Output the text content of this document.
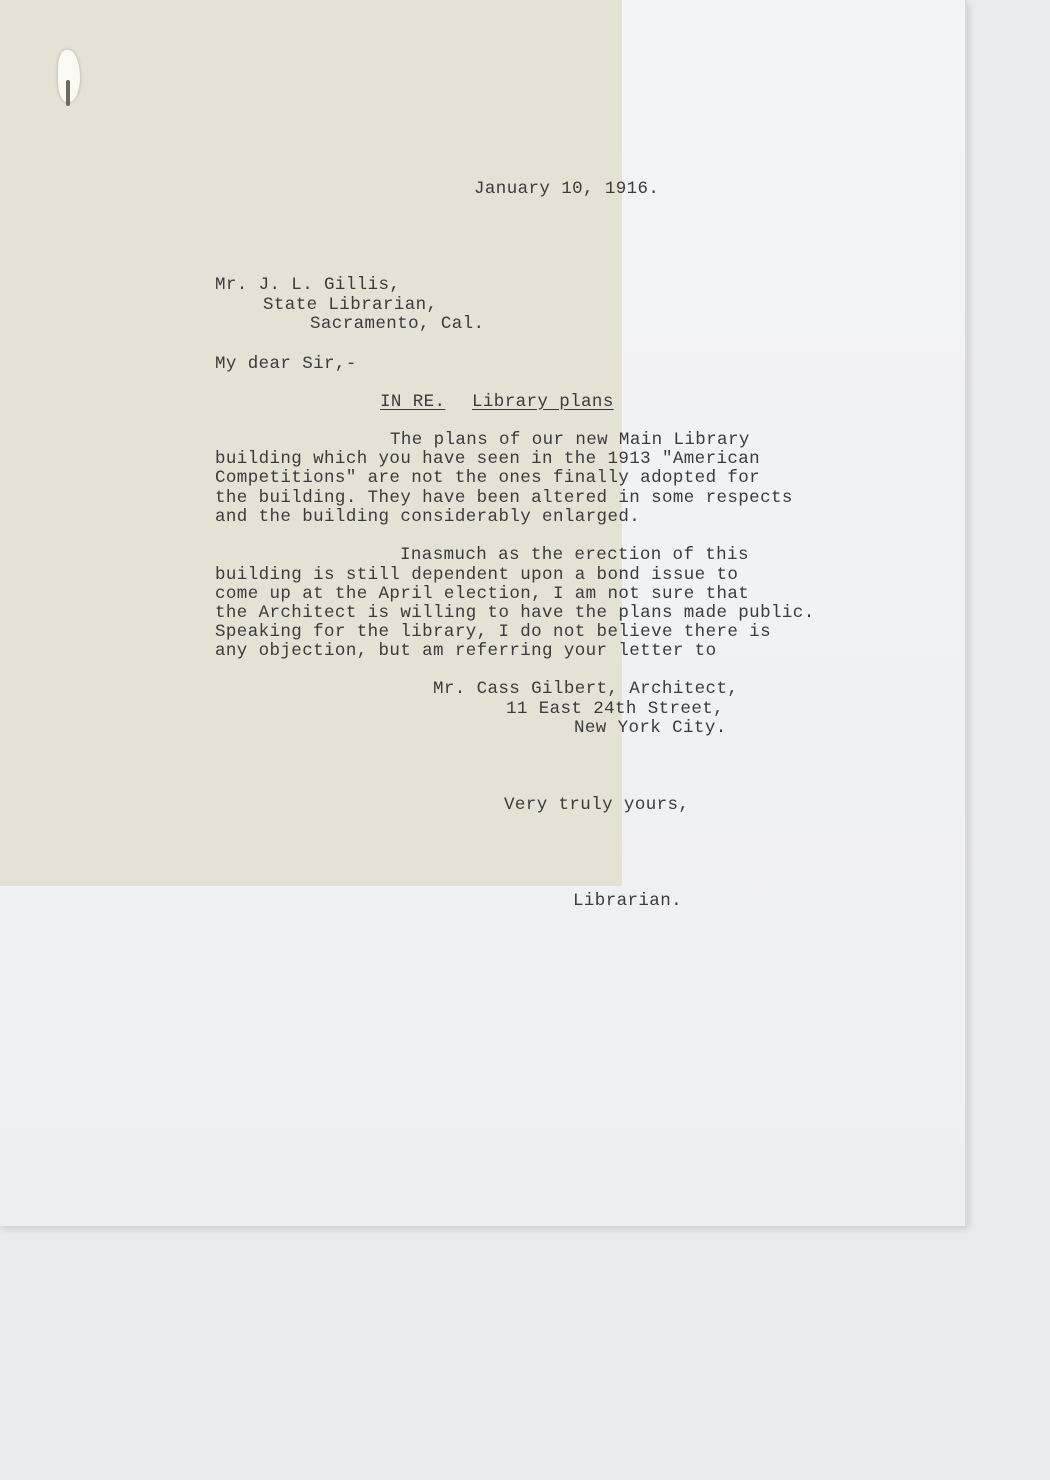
January 10, 1916.
Mr. J. L. Gillis,
State Librarian,
Sacramento, Cal.
My dear Sir,-
IN RE. Library plans
The plans of our new Main Library
building which you have seen in the 1913 "American
Competitions" are not the ones finally adopted for
the building. They have been altered in some respects
and the building considerably enlarged.
Inasmuch as the erection of this
building is still dependent upon a bond issue to
come up at the April election, I am not sure that
the Architect is willing to have the plans made public.
Speaking for the library, I do not believe there is
any objection, but am referring your letter to
Mr. Cass Gilbert, Architect,
11 East 24th Street,
New York City.
Very truly yours,
Librarian.
